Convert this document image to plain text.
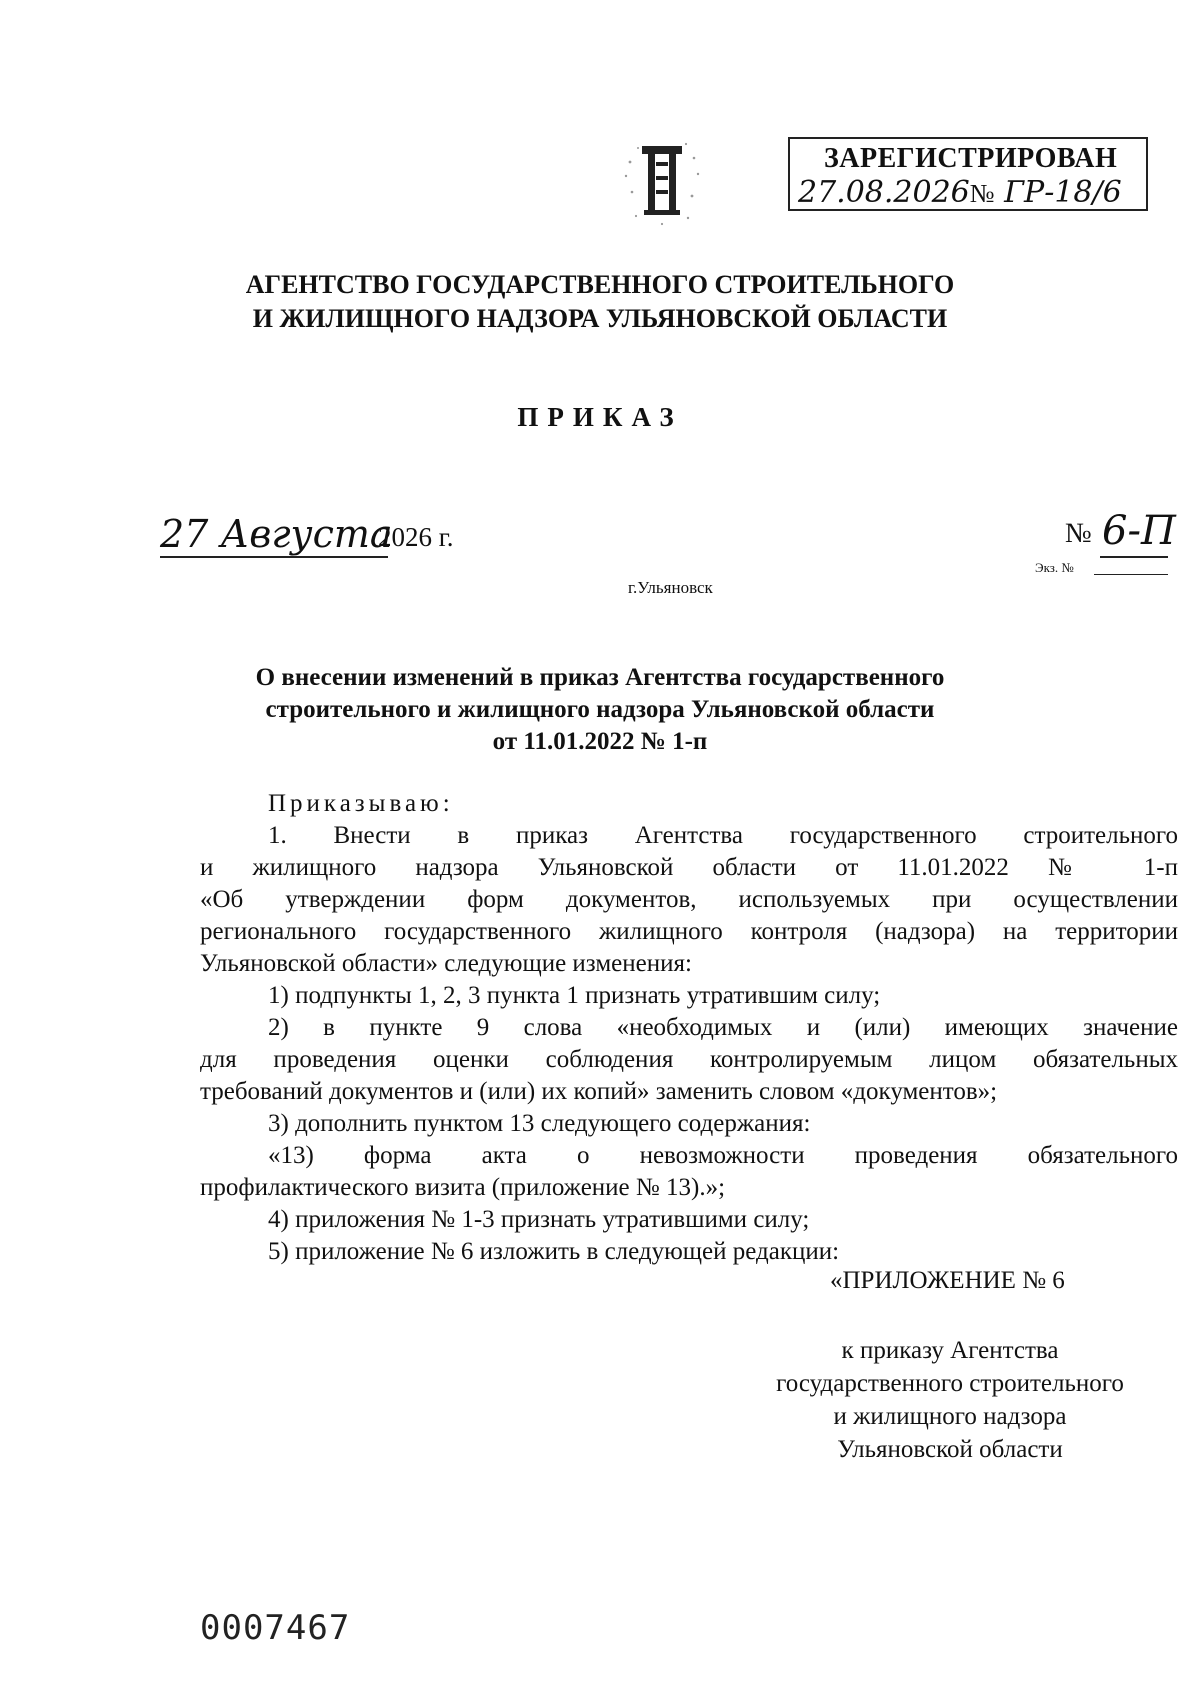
ЗАРЕГИСТРИРОВАН
27.08.2026№ ГР-18/6
АГЕНТСТВО ГОСУДАРСТВЕННОГО СТРОИТЕЛЬНОГО
И ЖИЛИЩНОГО НАДЗОРА УЛЬЯНОВСКОЙ ОБЛАСТИ
ПРИКАЗ
27 Августа
2026 г.	№ 6-П
Экз. №
г.Ульяновск
О внесении изменений в приказ Агентства государственного
строительного и жилищного надзора Ульяновской области
от 11.01.2022 № 1-п
Приказываю:
1. Внести в приказ Агентства государственного строительного
и жилищного надзора Ульяновской области от 11.01.2022 № 1-п
«Об утверждении форм документов, используемых при осуществлении
регионального государственного жилищного контроля (надзора) на территории
Ульяновской области» следующие изменения:
1) подпункты 1, 2, 3 пункта 1 признать утратившим силу;
2) в пункте 9 слова «необходимых и (или) имеющих значение
для проведения оценки соблюдения контролируемым лицом обязательных
требований документов и (или) их копий» заменить словом «документов»;
3) дополнить пунктом 13 следующего содержания:
«13) форма акта о невозможности проведения обязательного
профилактического визита (приложение № 13).»;
4) приложения № 1-3 признать утратившими силу;
5) приложение № 6 изложить в следующей редакции:
«ПРИЛОЖЕНИЕ № 6
к приказу Агентства
государственного строительного
и жилищного надзора
Ульяновской области
0007467
